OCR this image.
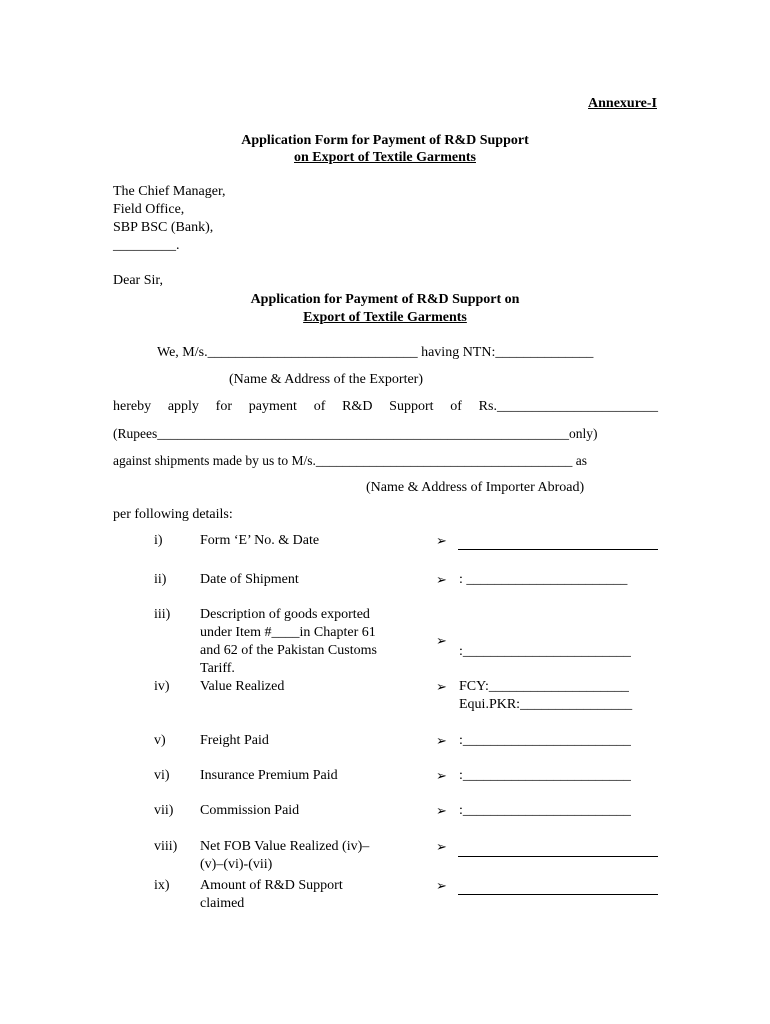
Annexure-I
Application Form for Payment of R&D Support
on Export of Textile Garments
The Chief Manager,
Field Office,
SBP BSC (Bank),
_________.
Dear Sir,
Application for Payment of R&D Support on
Export of Textile Garments
We, M/s.______________________________ having NTN:______________
(Name & Address of the Exporter)
hereby apply for payment of R&D Support of Rs._______________________
(Rupees_____________________________________________________________only)
against shipments made by us to M/s.______________________________________ as
(Name & Address of Importer Abroad)
per following details:
i)	Form ‘E’ No. & Date	➢
ii) Date of Shipment	➢ : _______________________
iii) Description of goods exported
under Item #____in Chapter 61
and 62 of the Pakistan Customs
Tariff.
➢
:________________________
iv) Value Realized	➢ FCY:____________________
Equi.PKR:________________
v) Freight Paid	➢ :________________________
vi) Insurance Premium Paid	➢ :________________________
vii) Commission Paid	➢ :________________________
viii) Net FOB Value Realized (iv)–
(v)–(vi)-(vii)
➢
ix) Amount of R&D Support
claimed
➢
